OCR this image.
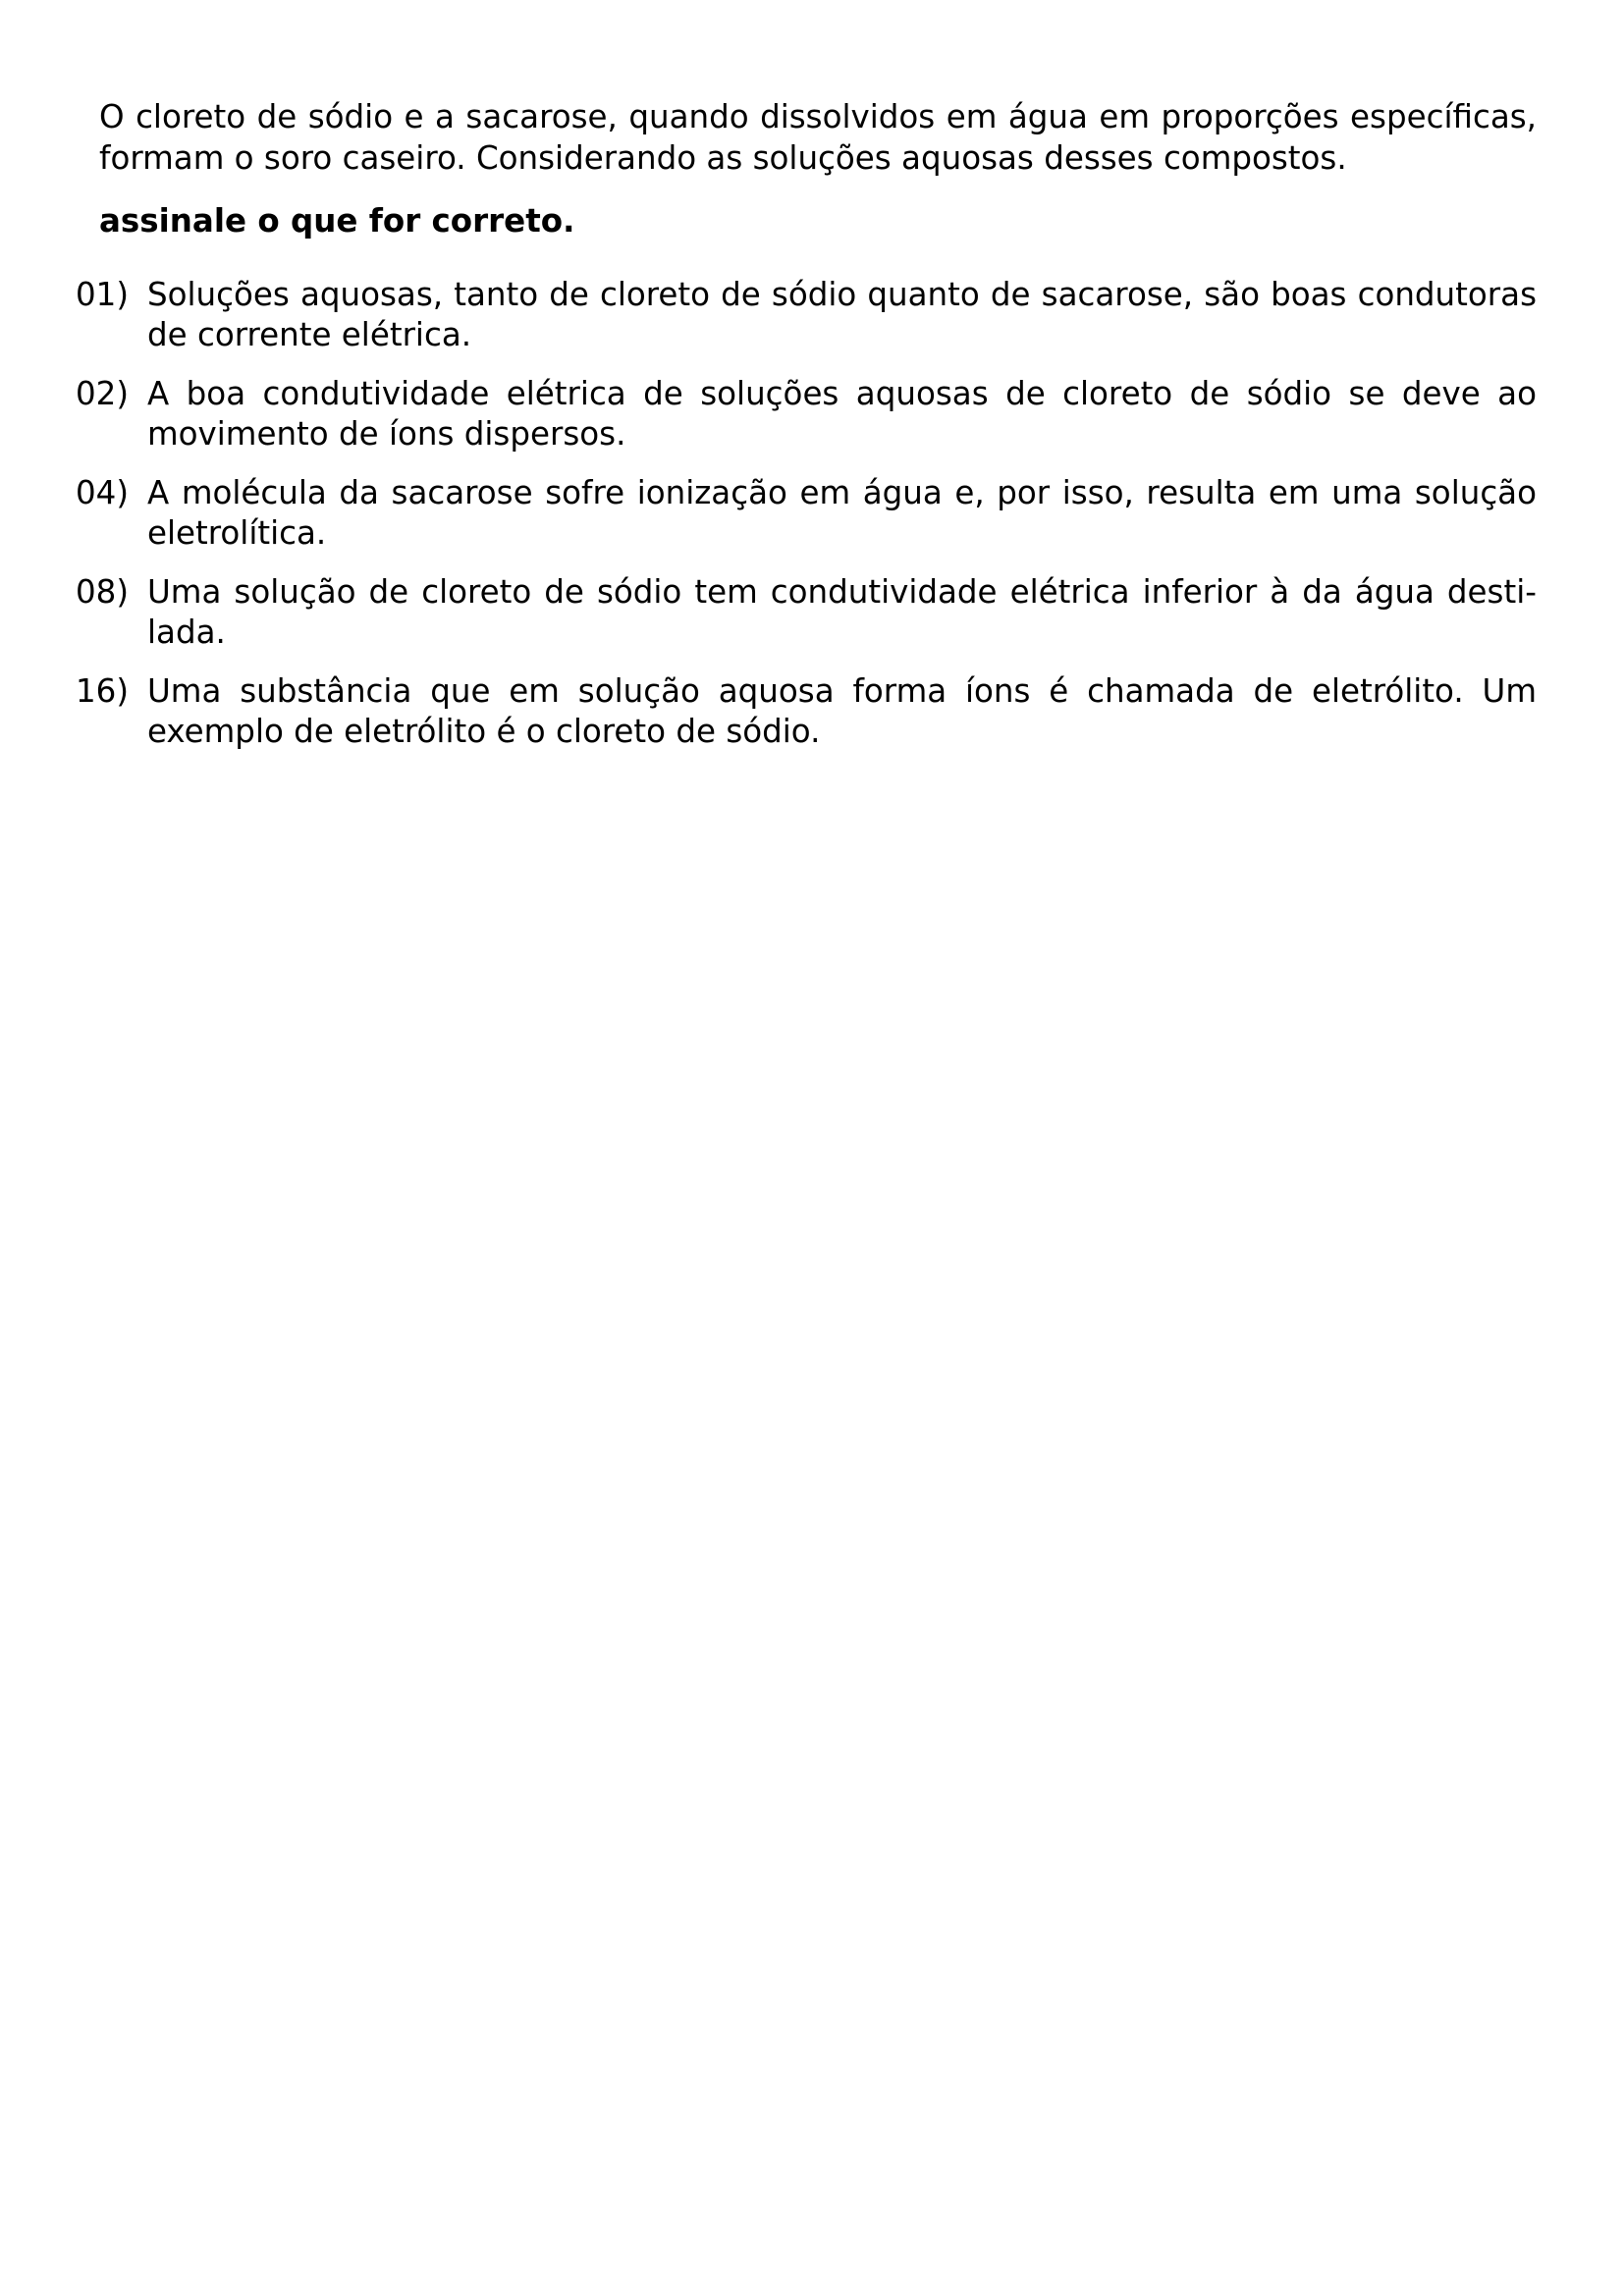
O cloreto de sódio e a sacarose, quando dissolvidos em água em proporções específicas, formam o soro caseiro. Considerando as soluções aquosas desses compostos.

assinale o que for correto.

01) Soluções aquosas, tanto de cloreto de sódio quanto de sacarose, são boas condutoras de corrente elétrica.
02) A boa condutividade elétrica de soluções aquosas de cloreto de sódio se deve ao movimento de íons dispersos.
04) A molécula da sacarose sofre ionização em água e, por isso, resulta em uma solução eletrolítica.
08) Uma solução de cloreto de sódio tem condutividade elétrica inferior à da água destilada.
16) Uma substância que em solução aquosa forma íons é chamada de eletrólito. Um exemplo de eletrólito é o cloreto de sódio.
